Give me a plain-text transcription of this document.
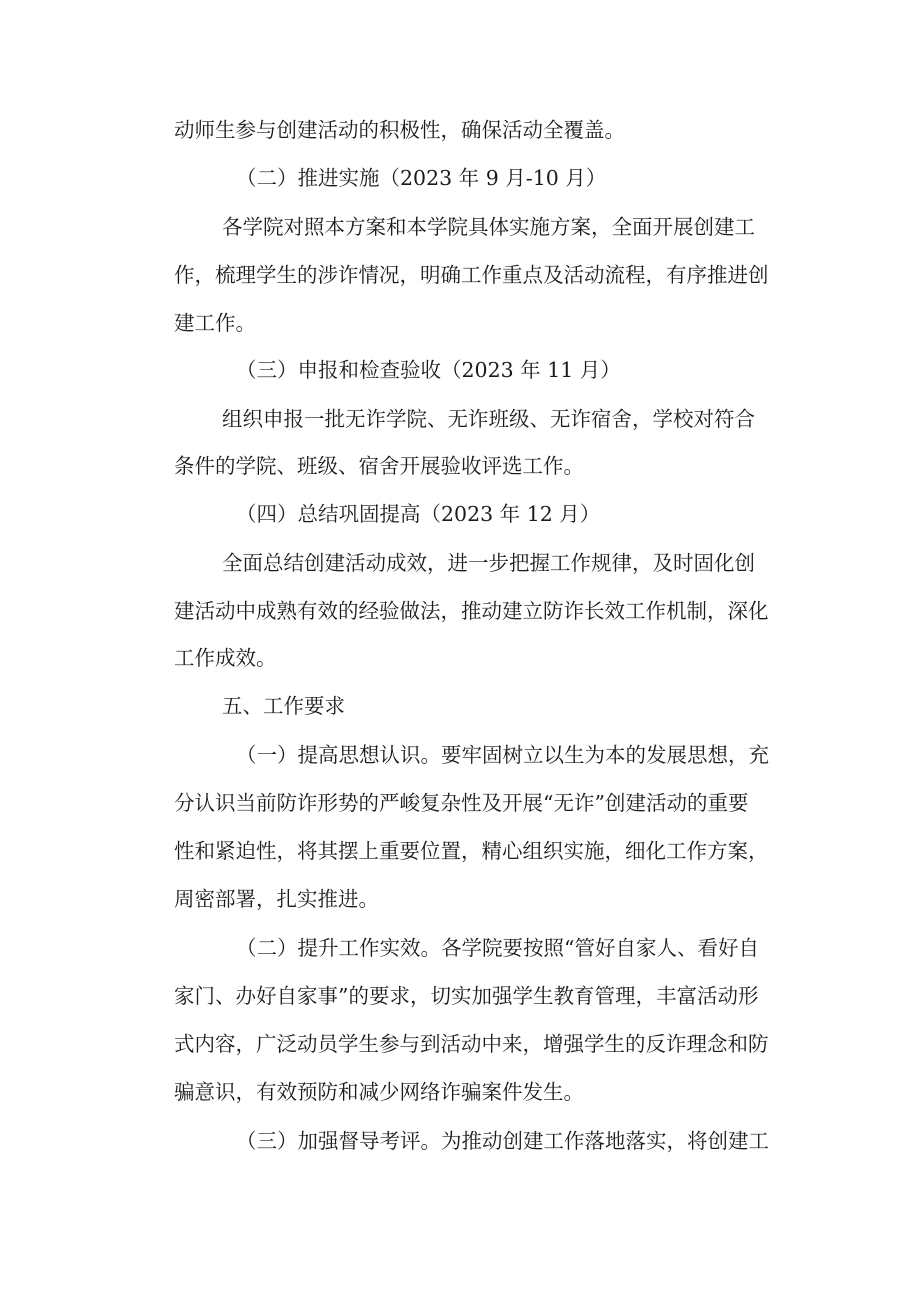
动师生参与创建活动的积极性，确保活动全覆盖。
（二）推进实施（2023 年 9 月-10 月）
各学院对照本方案和本学院具体实施方案，全面开展创建工
作，梳理学生的涉诈情况，明确工作重点及活动流程，有序推进创
建工作。
（三）申报和检查验收（2023 年 11 月）
组织申报一批无诈学院、无诈班级、无诈宿舍，学校对符合
条件的学院、班级、宿舍开展验收评选工作。
（四）总结巩固提高（2023 年 12 月）
全面总结创建活动成效，进一步把握工作规律，及时固化创
建活动中成熟有效的经验做法，推动建立防诈长效工作机制，深化
工作成效。
五、工作要求
（一）提高思想认识。要牢固树立以生为本的发展思想，充
分认识当前防诈形势的严峻复杂性及开展“无诈”创建活动的重要
性和紧迫性，将其摆上重要位置，精心组织实施，细化工作方案，
周密部署，扎实推进。
（二）提升工作实效。各学院要按照“管好自家人、看好自
家门、办好自家事”的要求，切实加强学生教育管理，丰富活动形
式内容，广泛动员学生参与到活动中来，增强学生的反诈理念和防
骗意识，有效预防和减少网络诈骗案件发生。
（三）加强督导考评。为推动创建工作落地落实，将创建工
